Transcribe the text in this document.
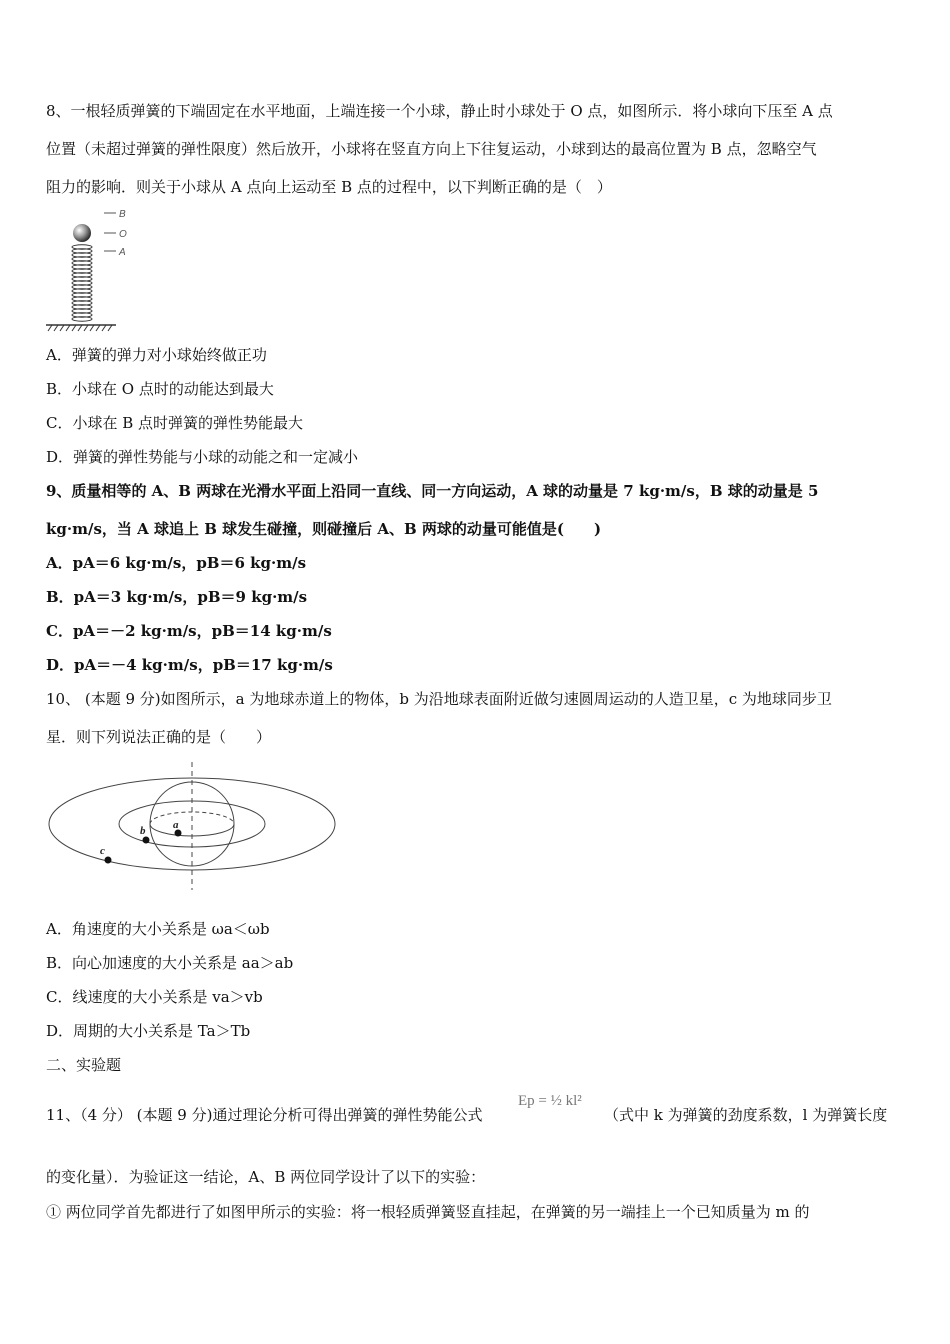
8、一根轻质弹簧的下端固定在水平地面，上端连接一个小球，静止时小球处于 O 点，如图所示．将小球向下压至 A 点
位置（未超过弹簧的弹性限度）然后放开，小球将在竖直方向上下往复运动，小球到达的最高位置为 B 点，忽略空气
阻力的影响．则关于小球从 A 点向上运动至 B 点的过程中，以下判断正确的是（　）
B
O
A
A．弹簧的弹力对小球始终做正功
B．小球在 O 点时的动能达到最大
C．小球在 B 点时弹簧的弹性势能最大
D．弹簧的弹性势能与小球的动能之和一定减小
9、质量相等的 A、B 两球在光滑水平面上沿同一直线、同一方向运动，A 球的动量是 7 kg·m/s，B 球的动量是 5
kg·m/s，当 A 球追上 B 球发生碰撞，则碰撞后 A、B 两球的动量可能值是(　　)
A．pA＝6 kg·m/s，pB＝6 kg·m/s
B．pA＝3 kg·m/s，pB＝9 kg·m/s
C．pA＝－2 kg·m/s，pB＝14 kg·m/s
D．pA＝－4 kg·m/s，pB＝17 kg·m/s
10、 (本题 9 分)如图所示，a 为地球赤道上的物体，b 为沿地球表面附近做匀速圆周运动的人造卫星，c 为地球同步卫
星．则下列说法正确的是（　　）
a
b
c
A．角速度的大小关系是 ωa＜ωb
B．向心加速度的大小关系是 aa＞ab
C．线速度的大小关系是 va＞vb
D．周期的大小关系是 Ta＞Tb
二、实验题
11、（4 分） (本题 9 分)通过理论分析可得出弹簧的弹性势能公式
Ep = ½ kl²
（式中 k 为弹簧的劲度系数，l 为弹簧长度
的变化量）．为验证这一结论，A、B 两位同学设计了以下的实验：
① 两位同学首先都进行了如图甲所示的实验：将一根轻质弹簧竖直挂起，在弹簧的另一端挂上一个已知质量为 m 的
